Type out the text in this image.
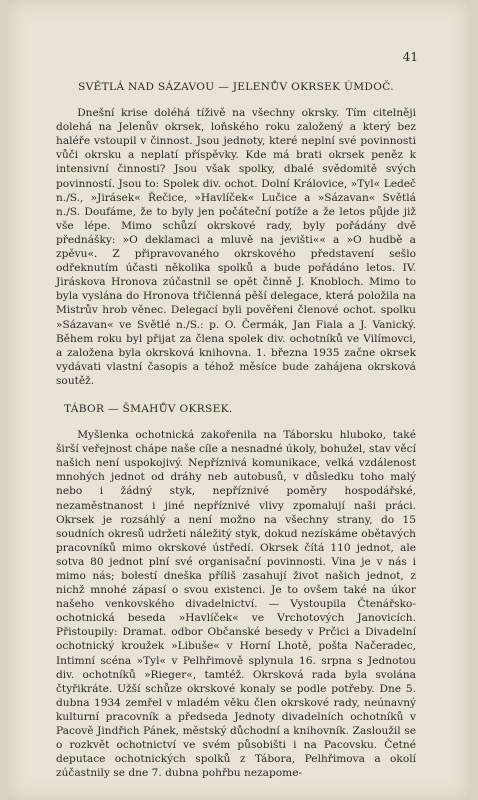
41
SVĚTLÁ NAD SÁZAVOU — JELENŮV OKRSEK ÚMDOČ.

Dnešní krise doléhá tíživě na všechny okrsky. Tím citelněji dolehá na Jelenův okrsek, loňského roku založený a který bez haléře vstoupil v činnost. Jsou jednoty, které neplní své povinnosti vůči okrsku a neplatí příspěvky. Kde má brati okrsek peněz k intensivní činnosti? Jsou však spolky, dbalé svědomitě svých povinností. Jsou to: Spolek div. ochot. Dolní Královice, »Tyl« Ledeč n./S., »Jirásek« Řečice, »Havlíček« Lučice a »Sázavan« Světlá n./S. Doufáme, že to byly jen počáteční potíže a že letos půjde již vše lépe. Mimo schůzí okrskové rady, byly pořádány dvě přednášky: »O deklamaci a mluvě na jevišti«« a »O hudbě a zpěvu«. Z připravovaného okrskového představení sešlo odřeknutím účasti několika spolků a bude pořádáno letos. IV. Jiráskova Hronova zúčastnil se opět činně J. Knobloch. Mimo to byla vyslána do Hronova třičlenná pěší delegace, která položila na Mistrův hrob věnec. Delegací byli pověřeni členové ochot. spolku »Sázavan« ve Světlé n./S.: p. O. Čermák, Jan Fiala a J. Vanický. Během roku byl přijat za člena spolek div. ochotníků ve Vilímovci, a založena byla okrsková knihovna. 1. března 1935 začne okrsek vydávati vlastní časopis a téhož měsíce bude zahájena okrsková soutěž.

TÁBOR — ŠMAHŮV OKRSEK.

Myšlenka ochotnická zakořenila na Táborsku hluboko, také širší veřejnost chápe naše cíle a nesnadné úkoly, bohužel, stav věcí našich není uspokojivý. Nepříznivá komunikace, velká vzdálenost mnohých jednot od dráhy neb autobusů, v důsledku toho malý nebo i žádný styk, nepříznivé poměry hospodářské, nezaměstnanost i jiné nepříznivé vlivy zpomalují naši práci. Okrsek je rozsáhlý a není možno na všechny strany, do 15 soudních okresů udržeti náležitý styk, dokud nezískáme obětavých pracovníků mimo okrskové ústředí. Okrsek čítá 110 jednot, ale sotva 80 jednot plní své organisační povinnosti. Vina je v nás i mimo nás; bolestí dneška příliš zasahují život našich jednot, z nichž mnohé zápasí o svou existenci. Je to ovšem také na úkor našeho venkovského divadelnictví. — Vystoupila Čtenářsko-ochotnická beseda »Havlíček« ve Vrchotových Janovicích. Přistoupily: Dramat. odbor Občanské besedy v Prčici a Divadelní ochotnický kroužek »Libuše« v Horní Lhotě, pošta Načeradec, Intimní scéna »Tyl« v Pelhřimově splynula 16. srpna s Jednotou div. ochotníků »Rieger«, tamtéž. Okrsková rada byla svolána čtyřikráte. Užší schůze okrskové konaly se podle potřeby. Dne 5. dubna 1934 zemřel v mladém věku člen okrskové rady, neúnavný kulturní pracovník a předseda Jednoty divadelních ochotníků v Pacově Jindřich Pánek, městský důchodní a knihovník. Zasloužil se o rozkvět ochotnictví ve svém působišti i na Pacovsku. Četné deputace ochotnických spolků z Tábora, Pelhřimova a okolí zúčastnily se dne 7. dubna pohřbu nezapome-
